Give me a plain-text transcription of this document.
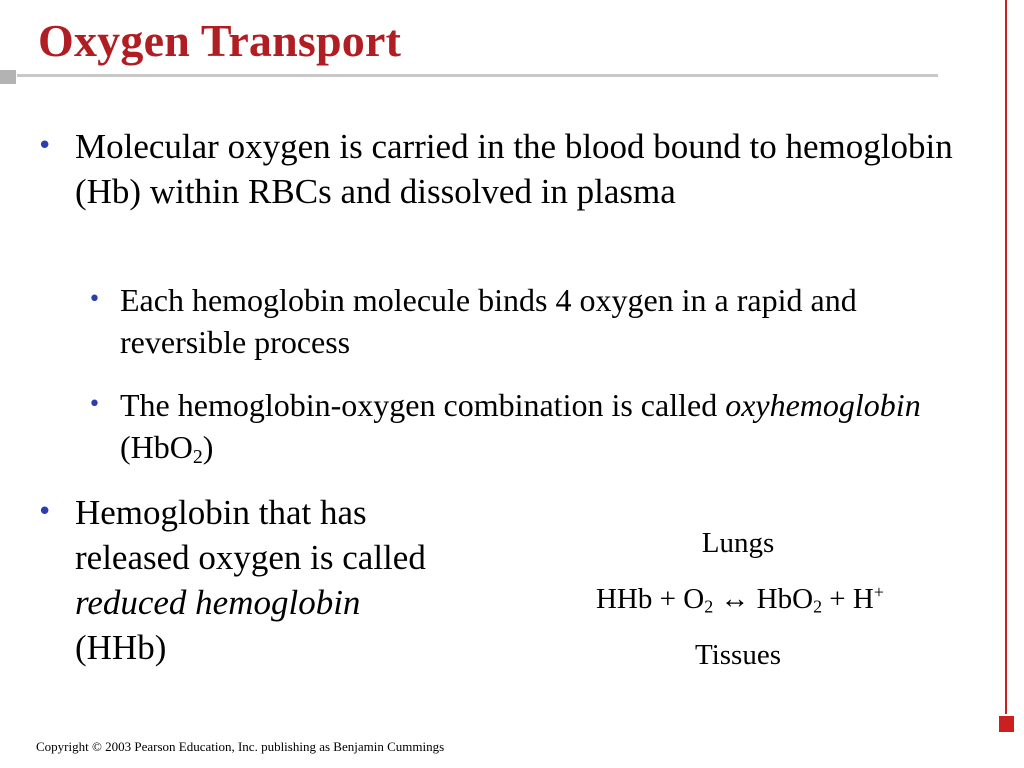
Oxygen Transport

• Molecular oxygen is carried in the blood bound to hemoglobin (Hb) within RBCs and dissolved in plasma

• Each hemoglobin molecule binds 4 oxygen in a rapid and reversible process

• The hemoglobin-oxygen combination is called oxyhemoglobin (HbO$_2$)

• Hemoglobin that has released oxygen is called reduced hemoglobin (HHb)

Lungs
HHb + $O_2$ ↔ HbO$_2$ + H+
Tissues
Copyright © 2003 Pearson Education, Inc. publishing as Benjamin Cummings
